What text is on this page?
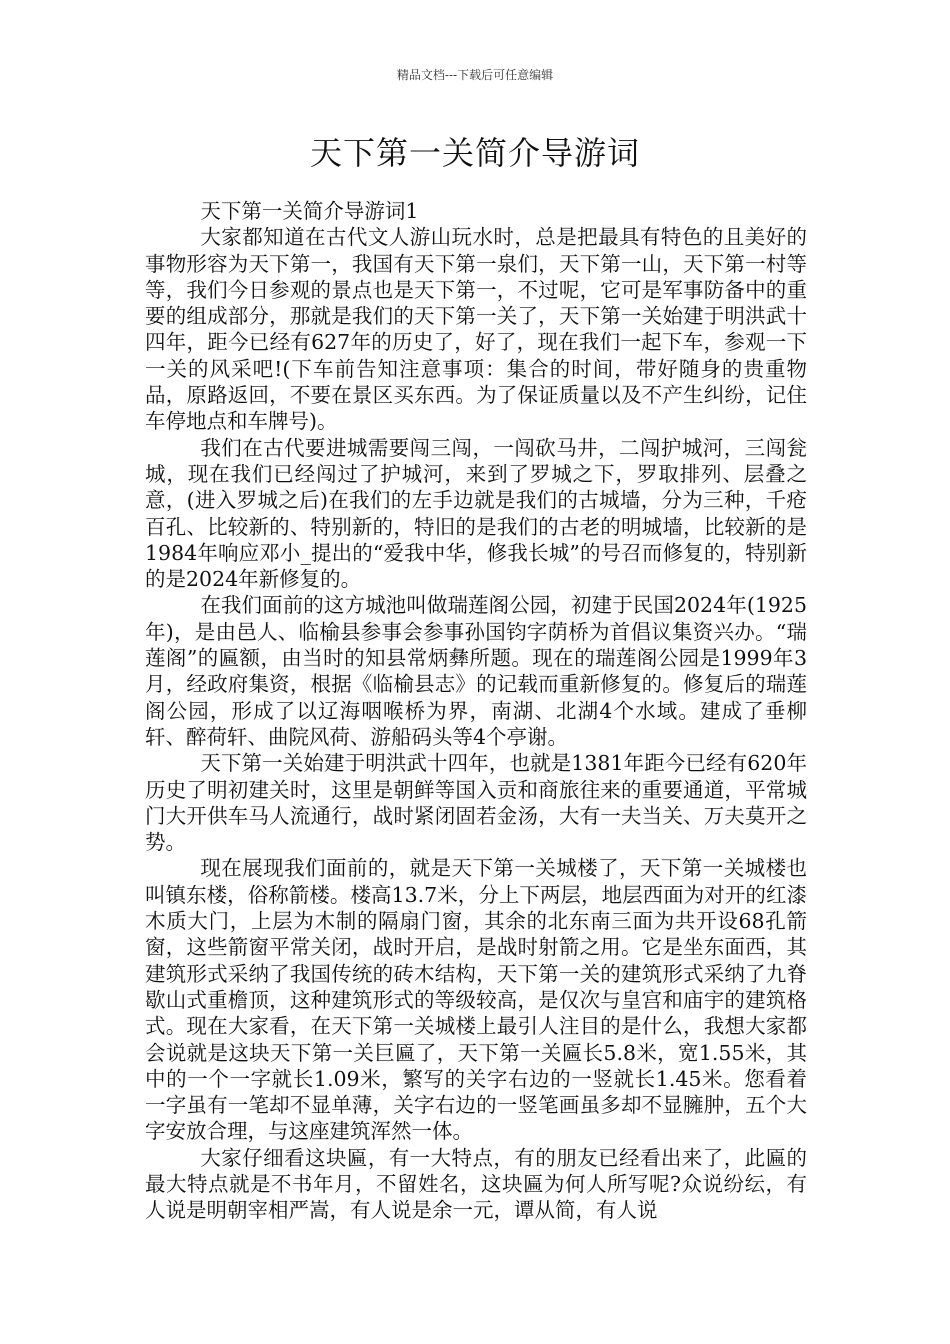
精品文档---下载后可任意编辑
天下第一关简介导游词

天下第一关简介导游词1

大家都知道在古代文人游山玩水时，总是把最具有特色的且美好的事物形容为天下第一，我国有天下第一泉们，天下第一山，天下第一村等等，我们今日参观的景点也是天下第一，不过呢，它可是军事防备中的重要的组成部分，那就是我们的天下第一关了，天下第一关始建于明洪武十四年，距今已经有627年的历史了，好了，现在我们一起下车，参观一下一关的风采吧!(下车前告知注意事项：集合的时间，带好随身的贵重物品，原路返回，不要在景区买东西。为了保证质量以及不产生纠纷，记住车停地点和车牌号)。

我们在古代要进城需要闯三闯，一闯砍马井，二闯护城河，三闯瓮城，现在我们已经闯过了护城河，来到了罗城之下，罗取排列、层叠之意，(进入罗城之后)在我们的左手边就是我们的古城墙，分为三种，千疮百孔、比较新的、特别新的，特旧的是我们的古老的明城墙，比较新的是1984年响应邓小_提出的“爱我中华，修我长城”的号召而修复的，特别新的是2024年新修复的。

在我们面前的这方城池叫做瑞莲阁公园，初建于民国2024年(1925年)，是由邑人、临榆县参事会参事孙国钧字荫桥为首倡议集资兴办。“瑞莲阁”的匾额，由当时的知县常炳彝所题。现在的瑞莲阁公园是1999年3月，经政府集资，根据《临榆县志》的记载而重新修复的。修复后的瑞莲阁公园，形成了以辽海咽喉桥为界，南湖、北湖4个水域。建成了垂柳轩、醉荷轩、曲院风荷、游船码头等4个亭谢。

天下第一关始建于明洪武十四年，也就是1381年距今已经有620年历史了明初建关时，这里是朝鲜等国入贡和商旅往来的重要通道，平常城门大开供车马人流通行，战时紧闭固若金汤，大有一夫当关、万夫莫开之势。

现在展现我们面前的，就是天下第一关城楼了，天下第一关城楼也叫镇东楼，俗称箭楼。楼高13.7米，分上下两层，地层西面为对开的红漆木质大门，上层为木制的隔扇门窗，其余的北东南三面为共开设68孔箭窗，这些箭窗平常关闭，战时开启，是战时射箭之用。它是坐东面西，其建筑形式采纳了我国传统的砖木结构，天下第一关的建筑形式采纳了九脊歇山式重檐顶，这种建筑形式的等级较高，是仅次与皇宫和庙宇的建筑格式。现在大家看，在天下第一关城楼上最引人注目的是什么，我想大家都会说就是这块天下第一关巨匾了，天下第一关匾长5.8米，宽1.55米，其中的一个一字就长1.09米，繁写的关字右边的一竖就长1.45米。您看着一字虽有一笔却不显单薄，关字右边的一竖笔画虽多却不显臃肿，五个大字安放合理，与这座建筑浑然一体。

大家仔细看这块匾，有一大特点，有的朋友已经看出来了，此匾的最大特点就是不书年月，不留姓名，这块匾为何人所写呢?众说纷纭，有人说是明朝宰相严嵩，有人说是余一元，谭从简，有人说
